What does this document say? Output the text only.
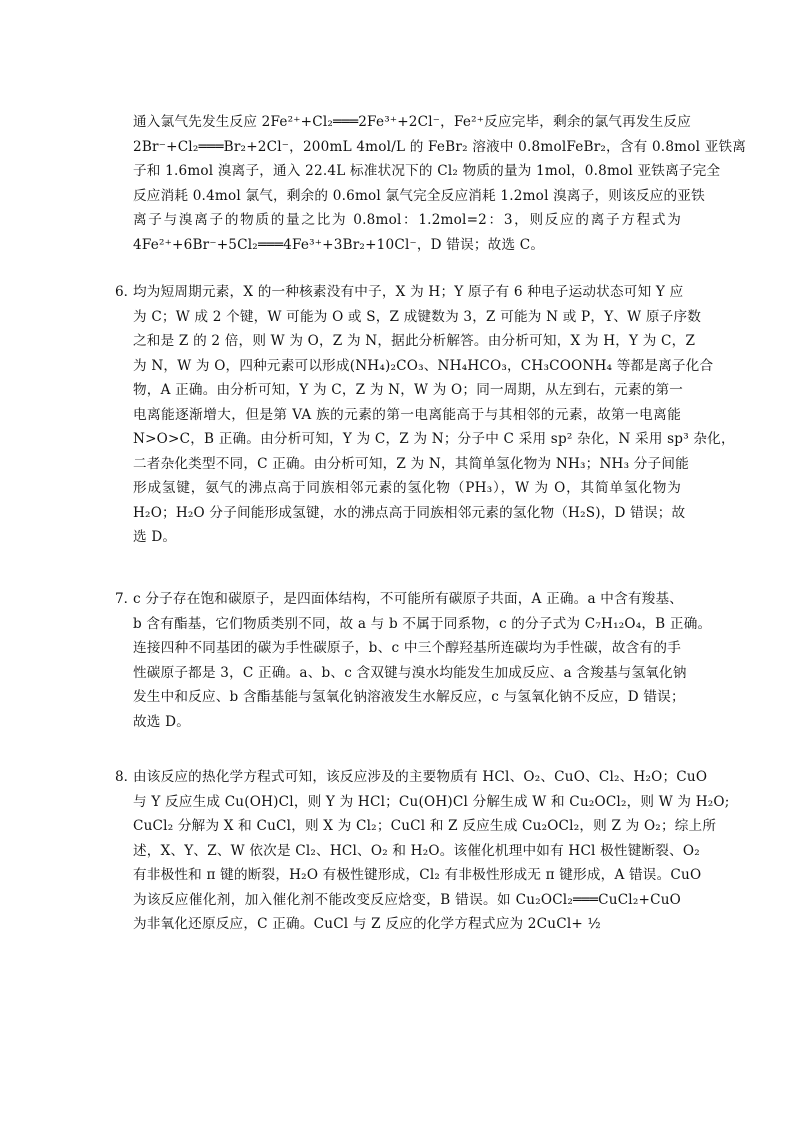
通入氯气先发生反应 2Fe²⁺+Cl₂═══2Fe³⁺+2Cl⁻，Fe²⁺反应完毕，剩余的氯气再发生反应
2Br⁻+Cl₂═══Br₂+2Cl⁻，200mL 4mol/L 的 FeBr₂ 溶液中 0.8molFeBr₂，含有 0.8mol 亚铁离
子和 1.6mol 溴离子，通入 22.4L 标准状况下的 Cl₂ 物质的量为 1mol，0.8mol 亚铁离子完全
反应消耗 0.4mol 氯气，剩余的 0.6mol 氯气完全反应消耗 1.2mol 溴离子，则该反应的亚铁
离子与溴离子的物质的量之比为 0.8mol：1.2mol=2：3，则反应的离子方程式为
4Fe²⁺+6Br⁻+5Cl₂═══4Fe³⁺+3Br₂+10Cl⁻，D 错误；故选 C。
6．
均为短周期元素，X 的一种核素没有中子，X 为 H；Y 原子有 6 种电子运动状态可知 Y 应
为 C；W 成 2 个键，W 可能为 O 或 S，Z 成键数为 3，Z 可能为 N 或 P，Y、W 原子序数
之和是 Z 的 2 倍，则 W 为 O，Z 为 N，据此分析解答。由分析可知，X 为 H，Y 为 C，Z
为 N，W 为 O，四种元素可以形成(NH₄)₂CO₃、NH₄HCO₃，CH₃COONH₄ 等都是离子化合
物，A 正确。由分析可知，Y 为 C，Z 为 N，W 为 O；同一周期，从左到右，元素的第一
电离能逐渐增大，但是第 VA 族的元素的第一电离能高于与其相邻的元素，故第一电离能
N>O>C，B 正确。由分析可知，Y 为 C，Z 为 N；分子中 C 采用 sp² 杂化，N 采用 sp³ 杂化，
二者杂化类型不同，C 正确。由分析可知，Z 为 N，其简单氢化物为 NH₃；NH₃ 分子间能
形成氢键，氨气的沸点高于同族相邻元素的氢化物（PH₃），W 为 O，其简单氢化物为
H₂O；H₂O 分子间能形成氢键，水的沸点高于同族相邻元素的氢化物（H₂S)，D 错误；故
选 D。
7．
c 分子存在饱和碳原子，是四面体结构，不可能所有碳原子共面，A 正确。a 中含有羧基、
b 含有酯基，它们物质类别不同，故 a 与 b 不属于同系物，c 的分子式为 C₇H₁₂O₄，B 正确。
连接四种不同基团的碳为手性碳原子，b、c 中三个醇羟基所连碳均为手性碳，故含有的手
性碳原子都是 3，C 正确。a、b、c 含双键与溴水均能发生加成反应、a 含羧基与氢氧化钠
发生中和反应、b 含酯基能与氢氧化钠溶液发生水解反应，c 与氢氧化钠不反应，D 错误；
故选 D。
8．
由该反应的热化学方程式可知，该反应涉及的主要物质有 HCl、O₂、CuO、Cl₂、H₂O；CuO
与 Y 反应生成 Cu(OH)Cl，则 Y 为 HCl；Cu(OH)Cl 分解生成 W 和 Cu₂OCl₂，则 W 为 H₂O;
CuCl₂ 分解为 X 和 CuCl，则 X 为 Cl₂；CuCl 和 Z 反应生成 Cu₂OCl₂，则 Z 为 O₂；综上所
述，X、Y、Z、W 依次是 Cl₂、HCl、O₂ 和 H₂O。该催化机理中如有 HCl 极性键断裂、O₂
有非极性和 π 键的断裂，H₂O 有极性键形成，Cl₂ 有非极性形成无 π 键形成，A 错误。CuO
为该反应催化剂，加入催化剂不能改变反应焓变，B 错误。如 Cu₂OCl₂═══CuCl₂+CuO
为非氧化还原反应，C 正确。CuCl 与 Z 反应的化学方程式应为 2CuCl+ ½
